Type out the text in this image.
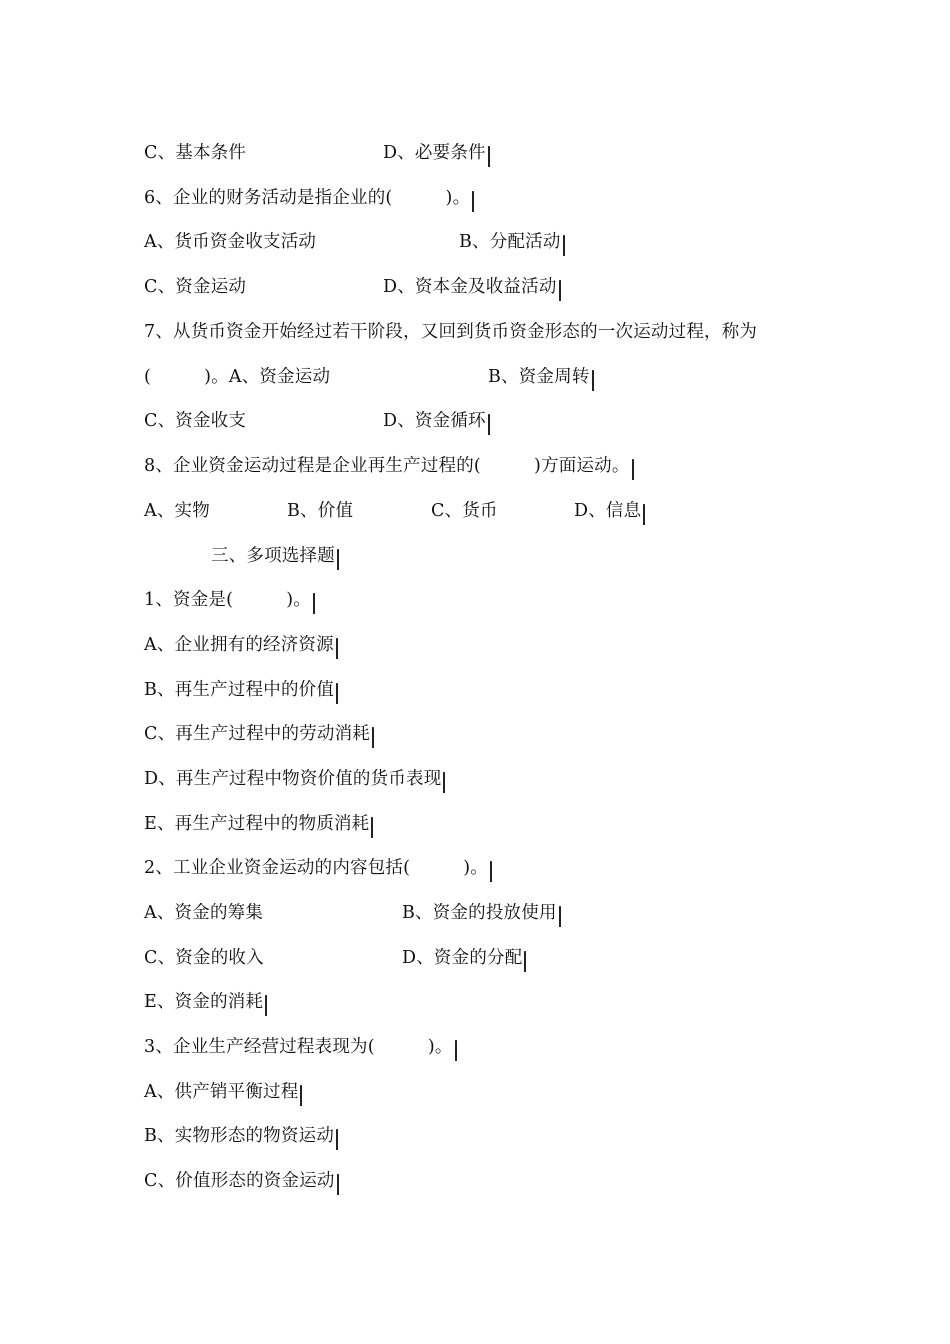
C、基本条件	D、必要条件
6、企业的财务活动是指企业的(　　　)。
A、货币资金收支活动	B、分配活动
C、资金运动	D、资本金及收益活动
7、从货币资金开始经过若干阶段，又回到货币资金形态的一次运动过程，称为
(　　　)。A、资金运动	B、资金周转
C、资金收支	D、资金循环
8、企业资金运动过程是企业再生产过程的(　　　)方面运动。
A、实物	B、价值	C、货币	D、信息
三、多项选择题
1、资金是(　　　)。
A、企业拥有的经济资源
B、再生产过程中的价值
C、再生产过程中的劳动消耗
D、再生产过程中物资价值的货币表现
E、再生产过程中的物质消耗
2、工业企业资金运动的内容包括(　　　)。
A、资金的筹集	B、资金的投放使用
C、资金的收入	D、资金的分配
E、资金的消耗
3、企业生产经营过程表现为(　　　)。
A、供产销平衡过程
B、实物形态的物资运动
C、价值形态的资金运动
